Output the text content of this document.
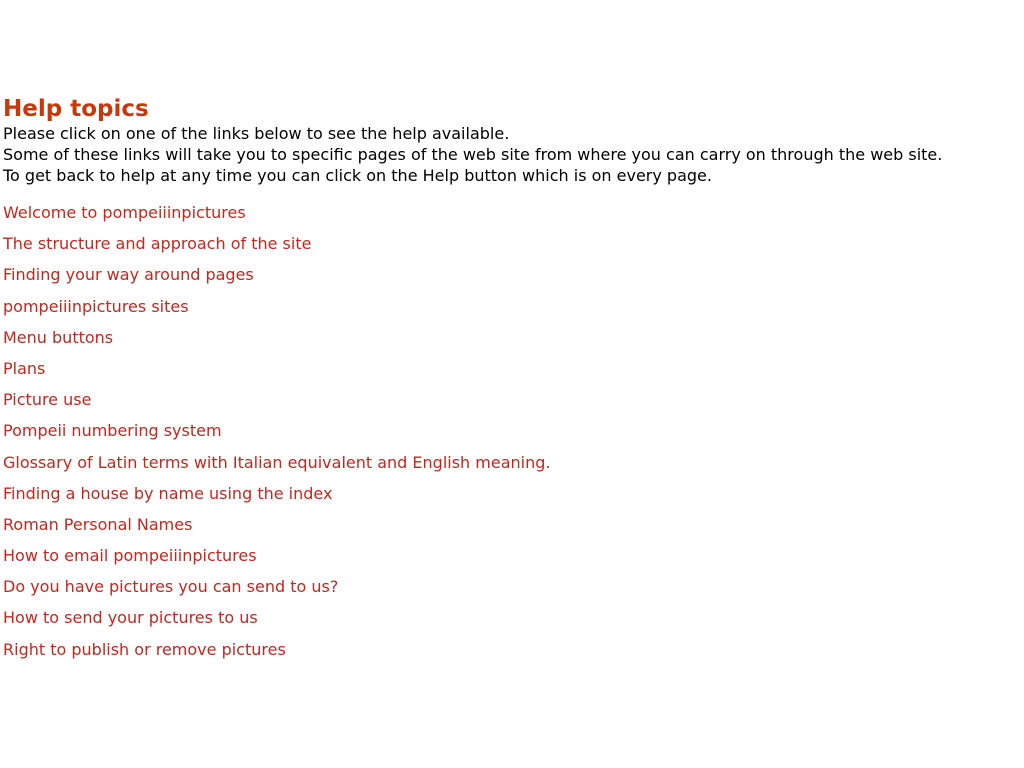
Help topics
Please click on one of the links below to see the help available.
Some of these links will take you to specific pages of the web site from where you can carry on through the web site.
To get back to help at any time you can click on the Help button which is on every page.
Welcome to pompeiiinpictures
The structure and approach of the site
Finding your way around pages
pompeiiinpictures sites
Menu buttons
Plans
Picture use
Pompeii numbering system
Glossary of Latin terms with Italian equivalent and English meaning.
Finding a house by name using the index
Roman Personal Names
How to email pompeiiinpictures
Do you have pictures you can send to us?
How to send your pictures to us
Right to publish or remove pictures
